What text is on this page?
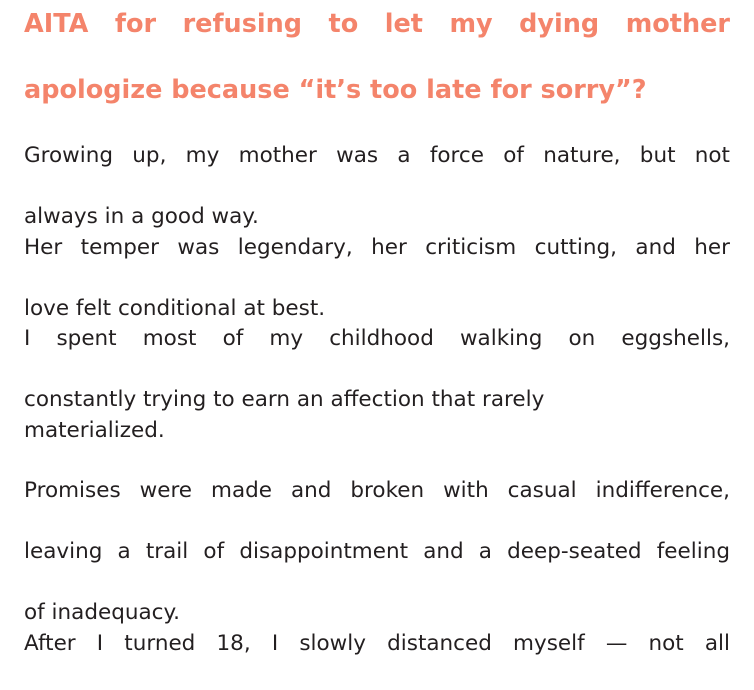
AITA for refusing to let my dying mother
apologize because “it’s too late for sorry”?
Growing up, my mother was a force of nature, but not
always in a good way.
Her temper was legendary, her criticism cutting, and her
love felt conditional at best.
I spent most of my childhood walking on eggshells,
constantly trying to earn an affection that rarely
materialized.
Promises were made and broken with casual indifference,
leaving a trail of disappointment and a deep-seated feeling
of inadequacy.
After I turned 18, I slowly distanced myself — not all
